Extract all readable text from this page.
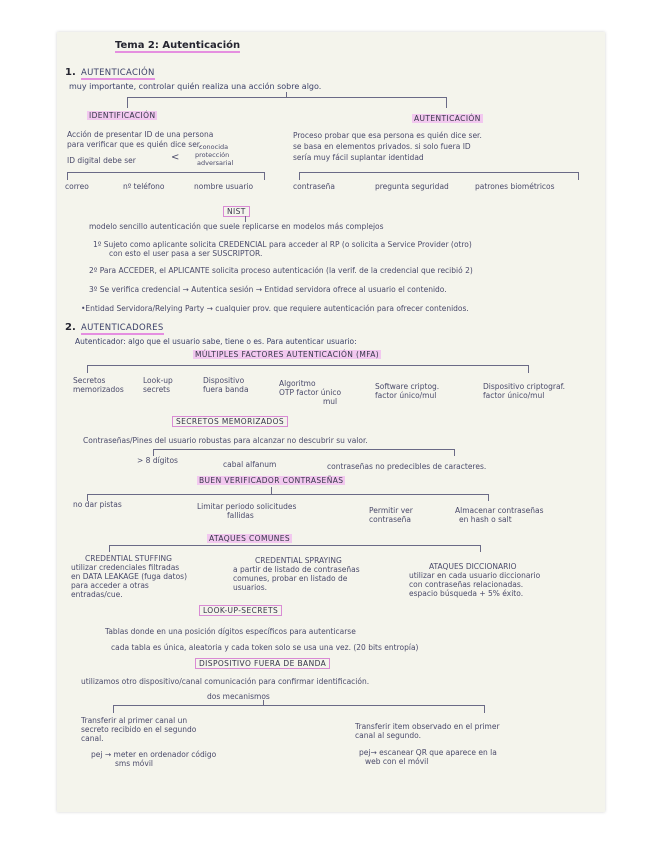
Tema 2: Autenticación
1. AUTENTICACIÓN
muy importante, controlar quién realiza una acción sobre algo.
IDENTIFICACIÓN	AUTENTICACIÓN
Acción de presentar ID de una persona
para verificar que es quién dice ser.
ID digital debe ser	<
conocida
protección
adversarial
Proceso probar que esa persona es quién dice ser.
se basa en elementos privados. si solo fuera ID
sería muy fácil suplantar identidad
correo	nº teléfono	nombre usuario	contraseña	pregunta seguridad	patrones biométricos
NIST
modelo sencillo autenticación que suele replicarse en modelos más complejos
1º Sujeto como aplicante solicita CREDENCIAL para acceder al RP (o solicita a Service Provider (otro)
con esto el user pasa a ser SUSCRIPTOR.
2º Para ACCEDER, el APLICANTE solicita proceso autenticación (la verif. de la credencial que recibió 2)
3º Se verifica credencial → Autentica sesión → Entidad servidora ofrece al usuario el contenido.
•Entidad Servidora/Relying Party → cualquier prov. que requiere autenticación para ofrecer contenidos.
2. AUTENTICADORES
Autenticador: algo que el usuario sabe, tiene o es. Para autenticar usuario:
MÚLTIPLES FACTORES AUTENTICACIÓN (MFA)
Secretos
memorizados
Look-up
secrets
Dispositivo
fuera banda
Algoritmo
OTP factor único
mul
Software criptog.
factor único/mul
Dispositivo criptograf.
factor único/mul
SECRETOS MEMORIZADOS
Contraseñas/Pines del usuario robustas para alcanzar no descubrir su valor.
> 8 dígitos	cabal alfanum	contraseñas no predecibles de caracteres.
BUEN VERIFICADOR CONTRASEÑAS
no dar pistas	Limitar periodo solicitudes
fallidas
Permitir ver
contraseña
Almacenar contraseñas
en hash o salt
ATAQUES COMUNES
CREDENTIAL STUFFING
utilizar credenciales filtradas
en DATA LEAKAGE (fuga datos)
para acceder a otras
entradas/cue.
CREDENTIAL SPRAYING
a partir de listado de contraseñas
comunes, probar en listado de
usuarios.
ATAQUES DICCIONARIO
utilizar en cada usuario diccionario
con contraseñas relacionadas.
espacio búsqueda + 5% éxito.
LOOK-UP-SECRETS
Tablas donde en una posición dígitos específicos para autenticarse
cada tabla es única, aleatoria y cada token solo se usa una vez. (20 bits entropía)
DISPOSITIVO FUERA DE BANDA
utilizamos otro dispositivo/canal comunicación para confirmar identificación.
dos mecanismos
Transferir al primer canal un
secreto recibido en el segundo
canal.
pej → meter en ordenador código
sms móvil
Transferir item observado en el primer
canal al segundo.
pej→ escanear QR que aparece en la
web con el móvil
